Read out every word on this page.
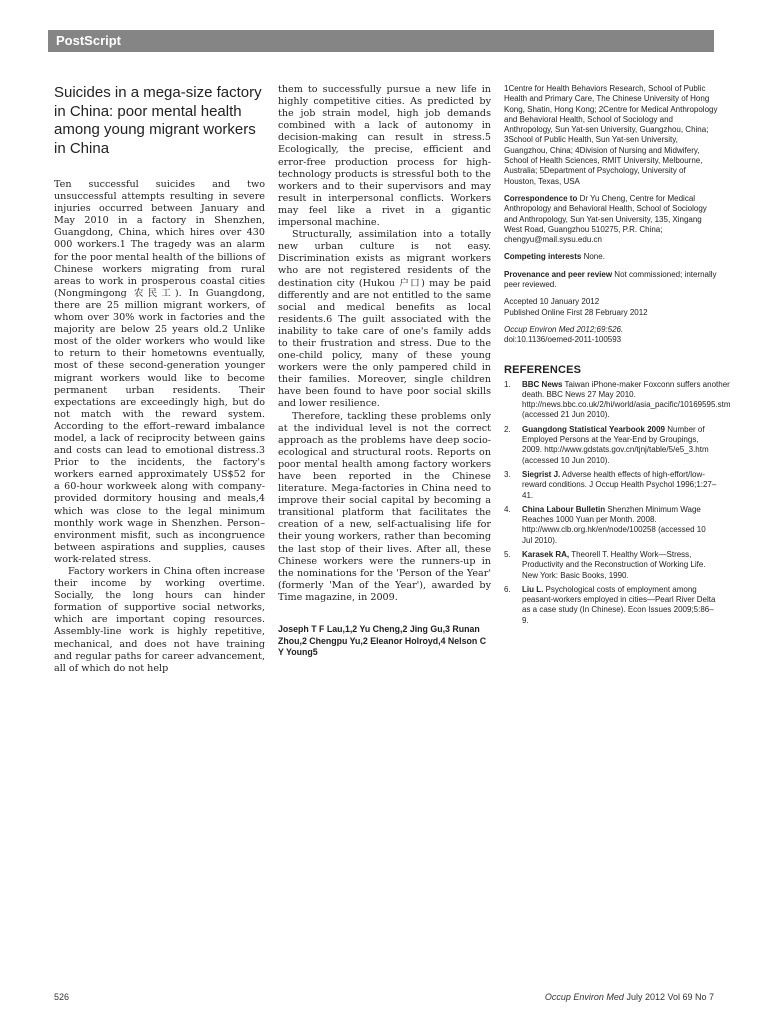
PostScript
Suicides in a mega-size factory in China: poor mental health among young migrant workers in China

Ten successful suicides and two unsuccessful attempts resulting in severe injuries occurred between January and May 2010 in a factory in Shenzhen, Guangdong, China, which hires over 430 000 workers.1 The tragedy was an alarm for the poor mental health of the billions of Chinese workers migrating from rural areas to work in prosperous coastal cities (Nongmingong 农民工). In Guangdong, there are 25 million migrant workers, of whom over 30% work in factories and the majority are below 25 years old.2 Unlike most of the older workers who would like to return to their hometowns eventually, most of these second-generation younger migrant workers would like to become permanent urban residents. Their expectations are exceedingly high, but do not match with the reward system. According to the effort–reward imbalance model, a lack of reciprocity between gains and costs can lead to emotional distress.3 Prior to the incidents, the factory's workers earned approximately US$52 for a 60-hour workweek along with company-provided dormitory housing and meals,4 which was close to the legal minimum monthly work wage in Shenzhen. Person–environment misfit, such as incongruence between aspirations and supplies, causes work-related stress.

Factory workers in China often increase their income by working overtime. Socially, the long hours can hinder formation of supportive social networks, which are important coping resources. Assembly-line work is highly repetitive, mechanical, and does not have training and regular paths for career advancement, all of which do not help

them to successfully pursue a new life in highly competitive cities. As predicted by the job strain model, high job demands combined with a lack of autonomy in decision-making can result in stress.5 Ecologically, the precise, efficient and error-free production process for high-technology products is stressful both to the workers and to their supervisors and may result in interpersonal conflicts. Workers may feel like a rivet in a gigantic impersonal machine.

Structurally, assimilation into a totally new urban culture is not easy. Discrimination exists as migrant workers who are not registered residents of the destination city (Hukou 户口) may be paid differently and are not entitled to the same social and medical benefits as local residents.6 The guilt associated with the inability to take care of one's family adds to their frustration and stress. Due to the one-child policy, many of these young workers were the only pampered child in their families. Moreover, single children have been found to have poor social skills and lower resilience.

Therefore, tackling these problems only at the individual level is not the correct approach as the problems have deep socio-ecological and structural roots. Reports on poor mental health among factory workers have been reported in the Chinese literature. Mega-factories in China need to improve their social capital by becoming a transitional platform that facilitates the creation of a new, self-actualising life for their young workers, rather than becoming the last stop of their lives. After all, these Chinese workers were the runners-up in the nominations for the 'Person of the Year' (formerly 'Man of the Year'), awarded by Time magazine, in 2009.

Joseph T F Lau,1,2 Yu Cheng,2 Jing Gu,3 Runan Zhou,2 Chengpu Yu,2 Eleanor Holroyd,4 Nelson C Y Young5

1Centre for Health Behaviors Research, School of Public Health and Primary Care, The Chinese University of Hong Kong, Shatin, Hong Kong; 2Centre for Medical Anthropology and Behavioral Health, School of Sociology and Anthropology, Sun Yat-sen University, Guangzhou, China; 3School of Public Health, Sun Yat-sen University, Guangzhou, China; 4Division of Nursing and Midwifery, School of Health Sciences, RMIT University, Melbourne, Australia; 5Department of Psychology, University of Houston, Texas, USA

Correspondence to Dr Yu Cheng, Centre for Medical Anthropology and Behavioral Health, School of Sociology and Anthropology, Sun Yat-sen University, 135, Xingang West Road, Guangzhou 510275, P.R. China; chengyu@mail.sysu.edu.cn

Competing interests None.

Provenance and peer review Not commissioned; internally peer reviewed.

Accepted 10 January 2012

Published Online First 28 February 2012

Occup Environ Med 2012;69:526.

doi:10.1136/oemed-2011-100593

REFERENCES
1.	BBC News Taiwan iPhone-maker Foxconn suffers another death. BBC News 27 May 2010. http://news.bbc.co.uk/2/hi/world/asia_pacific/10169595.stm (accessed 21 Jun 2010).
2.	Guangdong Statistical Yearbook 2009 Number of Employed Persons at the Year-End by Groupings, 2009. http://www.gdstats.gov.cn/tjnj/table/5/e5_3.htm (accessed 10 Jun 2010).
3.	Siegrist J. Adverse health effects of high-effort/low-reward conditions. J Occup Health Psychol 1996;1:27–41.
4.	China Labour Bulletin Shenzhen Minimum Wage Reaches 1000 Yuan per Month. 2008. http://www.clb.org.hk/en/node/100258 (accessed 10 Jul 2010).
5.	Karasek RA, Theorell T. Healthy Work—Stress, Productivity and the Reconstruction of Working Life. New York: Basic Books, 1990.
6.	Liu L. Psychological costs of employment among peasant-workers employed in cities—Pearl River Delta as a case study (In Chinese). Econ Issues 2009;5:86–9.
526	Occup Environ Med July 2012 Vol 69 No 7
